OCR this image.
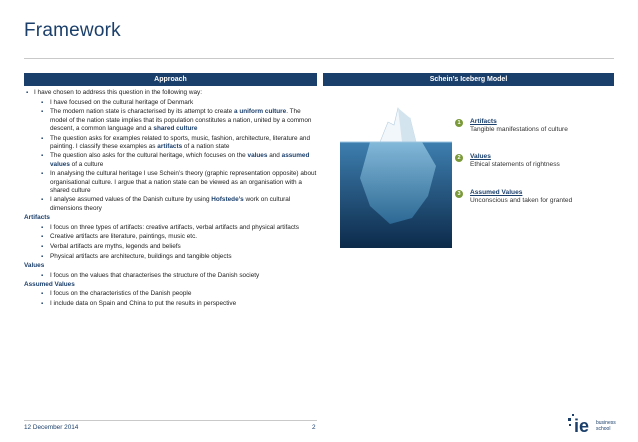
Framework
Approach	Schein’s Iceberg Model
▪ I have chosen to address this question in the following way:
▪ I have focused on the cultural heritage of Denmark
▪ The modern nation state is characterised by its attempt to create a uniform culture. The model of the nation state implies that its population constitutes a nation, united by a common descent, a common language and a shared culture
▪ The question asks for examples related to sports, music, fashion, architecture, literature and painting. I classify these examples as artifacts of a nation state
▪ The question also asks for the cultural heritage, which focuses on the values and assumed values of a culture
▪ In analysing the cultural heritage I use Schein’s theory (graphic representation opposite) about organisational culture. I argue that a nation state can be viewed as an organisation with a shared culture
▪ I analyse assumed values of the Danish culture by using Hofstede’s work on cultural dimensions theory
Artifacts
▪ I focus on three types of artifacts: creative artifacts, verbal artifacts and physical artifacts
▪ Creative artifacts are literature, paintings, music etc.
▪ Verbal artifacts are myths, legends and beliefs
▪ Physical artifacts are architecture, buildings and tangible objects
Values
▪ I focus on the values that characterises the structure of the Danish society
Assumed Values
▪ I focus on the characteristics of the Danish people
▪ I include data on Spain and China to put the results in perspective
1	Artifacts
Tangible manifestations of culture
2	Values
Ethical statements of rightness
3	Assumed Values
Unconscious and taken for granted
12 December 2014	2	ie business
school
